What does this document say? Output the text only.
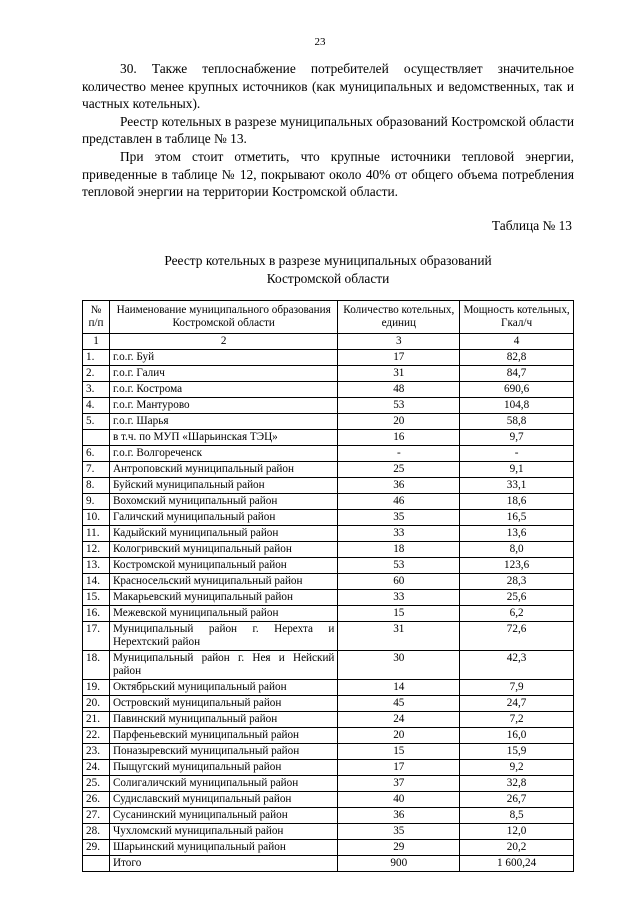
23

30. Также теплоснабжение потребителей осуществляет значительное количество менее крупных источников (как муниципальных и ведомственных, так и частных котельных).

Реестр котельных в разрезе муниципальных образований Костромской области представлен в таблице № 13.

При этом стоит отметить, что крупные источники тепловой энергии, приведенные в таблице № 12, покрывают около 40% от общего объема потребления тепловой энергии на территории Костромской области.

Таблица № 13
Реестр котельных в разрезе муниципальных образований
Костромской области
№ п/п	Наименование муниципального образования Костромской области	Количество котельных, единиц	Мощность котельных, Гкал/ч
1	2	3	4
1.	г.о.г. Буй	17	82,8
2.	г.о.г. Галич	31	84,7
3.	г.о.г. Кострома	48	690,6
4.	г.о.г. Мантурово	53	104,8
5.	г.о.г. Шарья	20	58,8
	в т.ч. по МУП «Шарьинская ТЭЦ»	16	9,7
6.	г.о.г. Волгореченск	-	-
7.	Антроповский муниципальный район	25	9,1
8.	Буйский муниципальный район	36	33,1
9.	Вохомский муниципальный район	46	18,6
10.	Галичский муниципальный район	35	16,5
11.	Кадыйский муниципальный район	33	13,6
12.	Кологривский муниципальный район	18	8,0
13.	Костромской муниципальный район	53	123,6
14.	Красносельский муниципальный район	60	28,3
15.	Макарьевский муниципальный район	33	25,6
16.	Межевской муниципальный район	15	6,2
17.	Муниципальный район г. Нерехта и Нерехтский район	31	72,6
18.	Муниципальный район г. Нея и Нейский район	30	42,3
19.	Октябрьский муниципальный район	14	7,9
20.	Островский муниципальный район	45	24,7
21.	Павинский муниципальный район	24	7,2
22.	Парфеньевский муниципальный район	20	16,0
23.	Поназыревский муниципальный район	15	15,9
24.	Пыщугский муниципальный район	17	9,2
25.	Солигаличский муниципальный район	37	32,8
26.	Судиславский муниципальный район	40	26,7
27.	Сусанинский муниципальный район	36	8,5
28.	Чухломский муниципальный район	35	12,0
29.	Шарьинский муниципальный район	29	20,2
	Итого	900	1 600,24
